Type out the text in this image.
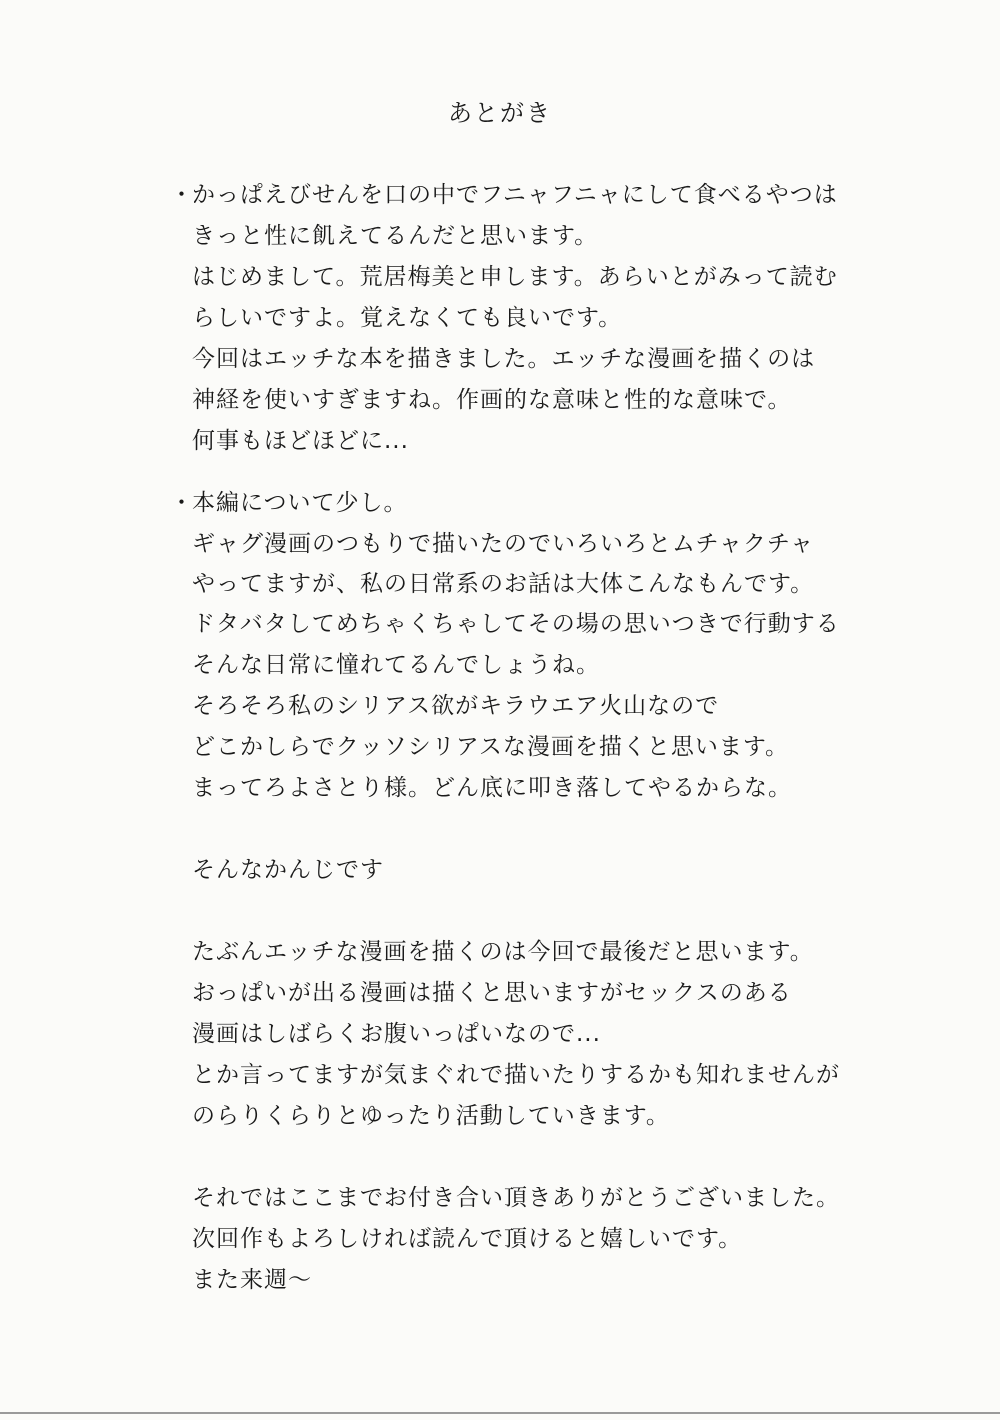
あとがき
・ かっぱえびせんを口の中でフニャフニャにして食べるやつは
きっと性に飢えてるんだと思います。
はじめまして。荒居梅美と申します。あらいとがみって読む
らしいですよ。覚えなくても良いです。
今回はエッチな本を描きました。エッチな漫画を描くのは
神経を使いすぎますね。作画的な意味と性的な意味で。
何事もほどほどに...
・ 本編について少し。
ギャグ漫画のつもりで描いたのでいろいろとムチャクチャ
やってますが、私の日常系のお話は大体こんなもんです。
ドタバタしてめちゃくちゃしてその場の思いつきで行動する
そんな日常に憧れてるんでしょうね。
そろそろ私のシリアス欲がキラウエア火山なので
どこかしらでクッソシリアスな漫画を描くと思います。
まってろよさとり様。どん底に叩き落してやるからな。
そんなかんじです
たぶんエッチな漫画を描くのは今回で最後だと思います。
おっぱいが出る漫画は描くと思いますがセックスのある
漫画はしばらくお腹いっぱいなので...
とか言ってますが気まぐれで描いたりするかも知れませんが
のらりくらりとゆったり活動していきます。
それではここまでお付き合い頂きありがとうございました。
次回作もよろしければ読んで頂けると嬉しいです。
また来週～
